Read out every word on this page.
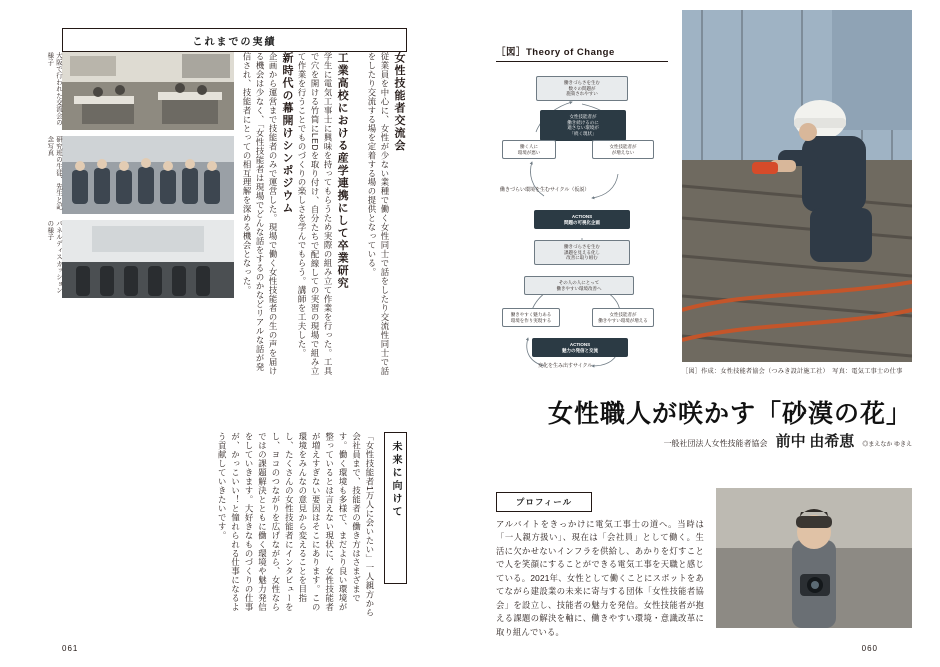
これまでの実績
女性技能者交流会
従業員を中心に、女性が少ない業種で働く女性同士で話をしたり交流性同士で話をしたり交流する場を定着する場の提供となっている。
工業高校における産学連携にして卒業研究
学生に電気工事士に興味を持ってもらうため実際の組み立て作業を行った。工具で穴を開ける竹筒にLEDを取り付け、自分たちで配線しての実習の現場で組み立て作業を行うことでものづくりの楽しさを学んでもらう。講師を工夫した。
新時代の幕開けシンポジウム
企画から運営まで技能者のみで運営した。現場で働く女性技能者の生の声を届ける機会は少なく、「女性技能者は現場でどんな話をするのかなどリアルな話が発信され、技能者にとっての相互理解を深める機会となった。
大阪で行われた交流会の様子
研究班の生徒、先生と記念写真
パネルディスカッションの様子
未来に向けて
「女性技能者1万人に会いたい」一人親方から会社員まで、技能者の働き方はさまざまです。働く環境も多様で、まだより良い環境が整っているとは言えない現状に、女性技能者が増えすぎない要因はそこにあります。この環境をみんなの意見から変えることを目指し、たくさんの女性技能者にインタビューをし、ヨコのつながりを広げながら、女性ならではの課題解決とともに働く環境や魅力発信をしていきます。大好きなものづくりの仕事が、かっこいい！と憧れられる仕事になるよう貢献していきたいです。
061
［図］Theory of Change
働きづらさを生む
数々の問題が
施策されやすい
女性技能者が
働き続けるのに
適さない環境が
「続く現状」
働く人に
環境が悪い
女性技能者が
が増えない
働きづらい環境を生むサイクル（仮説）
ACTIONS
問題の可視化企画
働きづらさを生む
課題を見える化し
改善に取り組む
働きやすく魅力ある
環境を作り実現する
女性技能者が
働きやすい環境が増える
その人の人にとって
働きやすい環境改善へ
ACTIONS
魅力の発信と交流
変化を生み出すサイクル
［図］作成：女性技能者協会（つみき設計施工社）　写真：電気工事士の仕事
女性職人が咲かす「砂漠の花」
一般社団法人女性技能者協会 前中 由希恵 ◎まえなか ゆきえ
プロフィール
アルバイトをきっかけに電気工事士の道へ。当時は「一人親方扱い」、現在は「会社員」として働く。生活に欠かせないインフラを供給し、あかりを灯すことで人を笑顔にすることができる電気工事を天職と感じている。2021年、女性として働くことにスポットをあてながら建設業の未来に寄与する団体「女性技能者協会」を設立し、技能者の魅力を発信。女性技能者が抱える課題の解決を軸に、働きやすい環境・意識改革に取り組んでいる。
060
